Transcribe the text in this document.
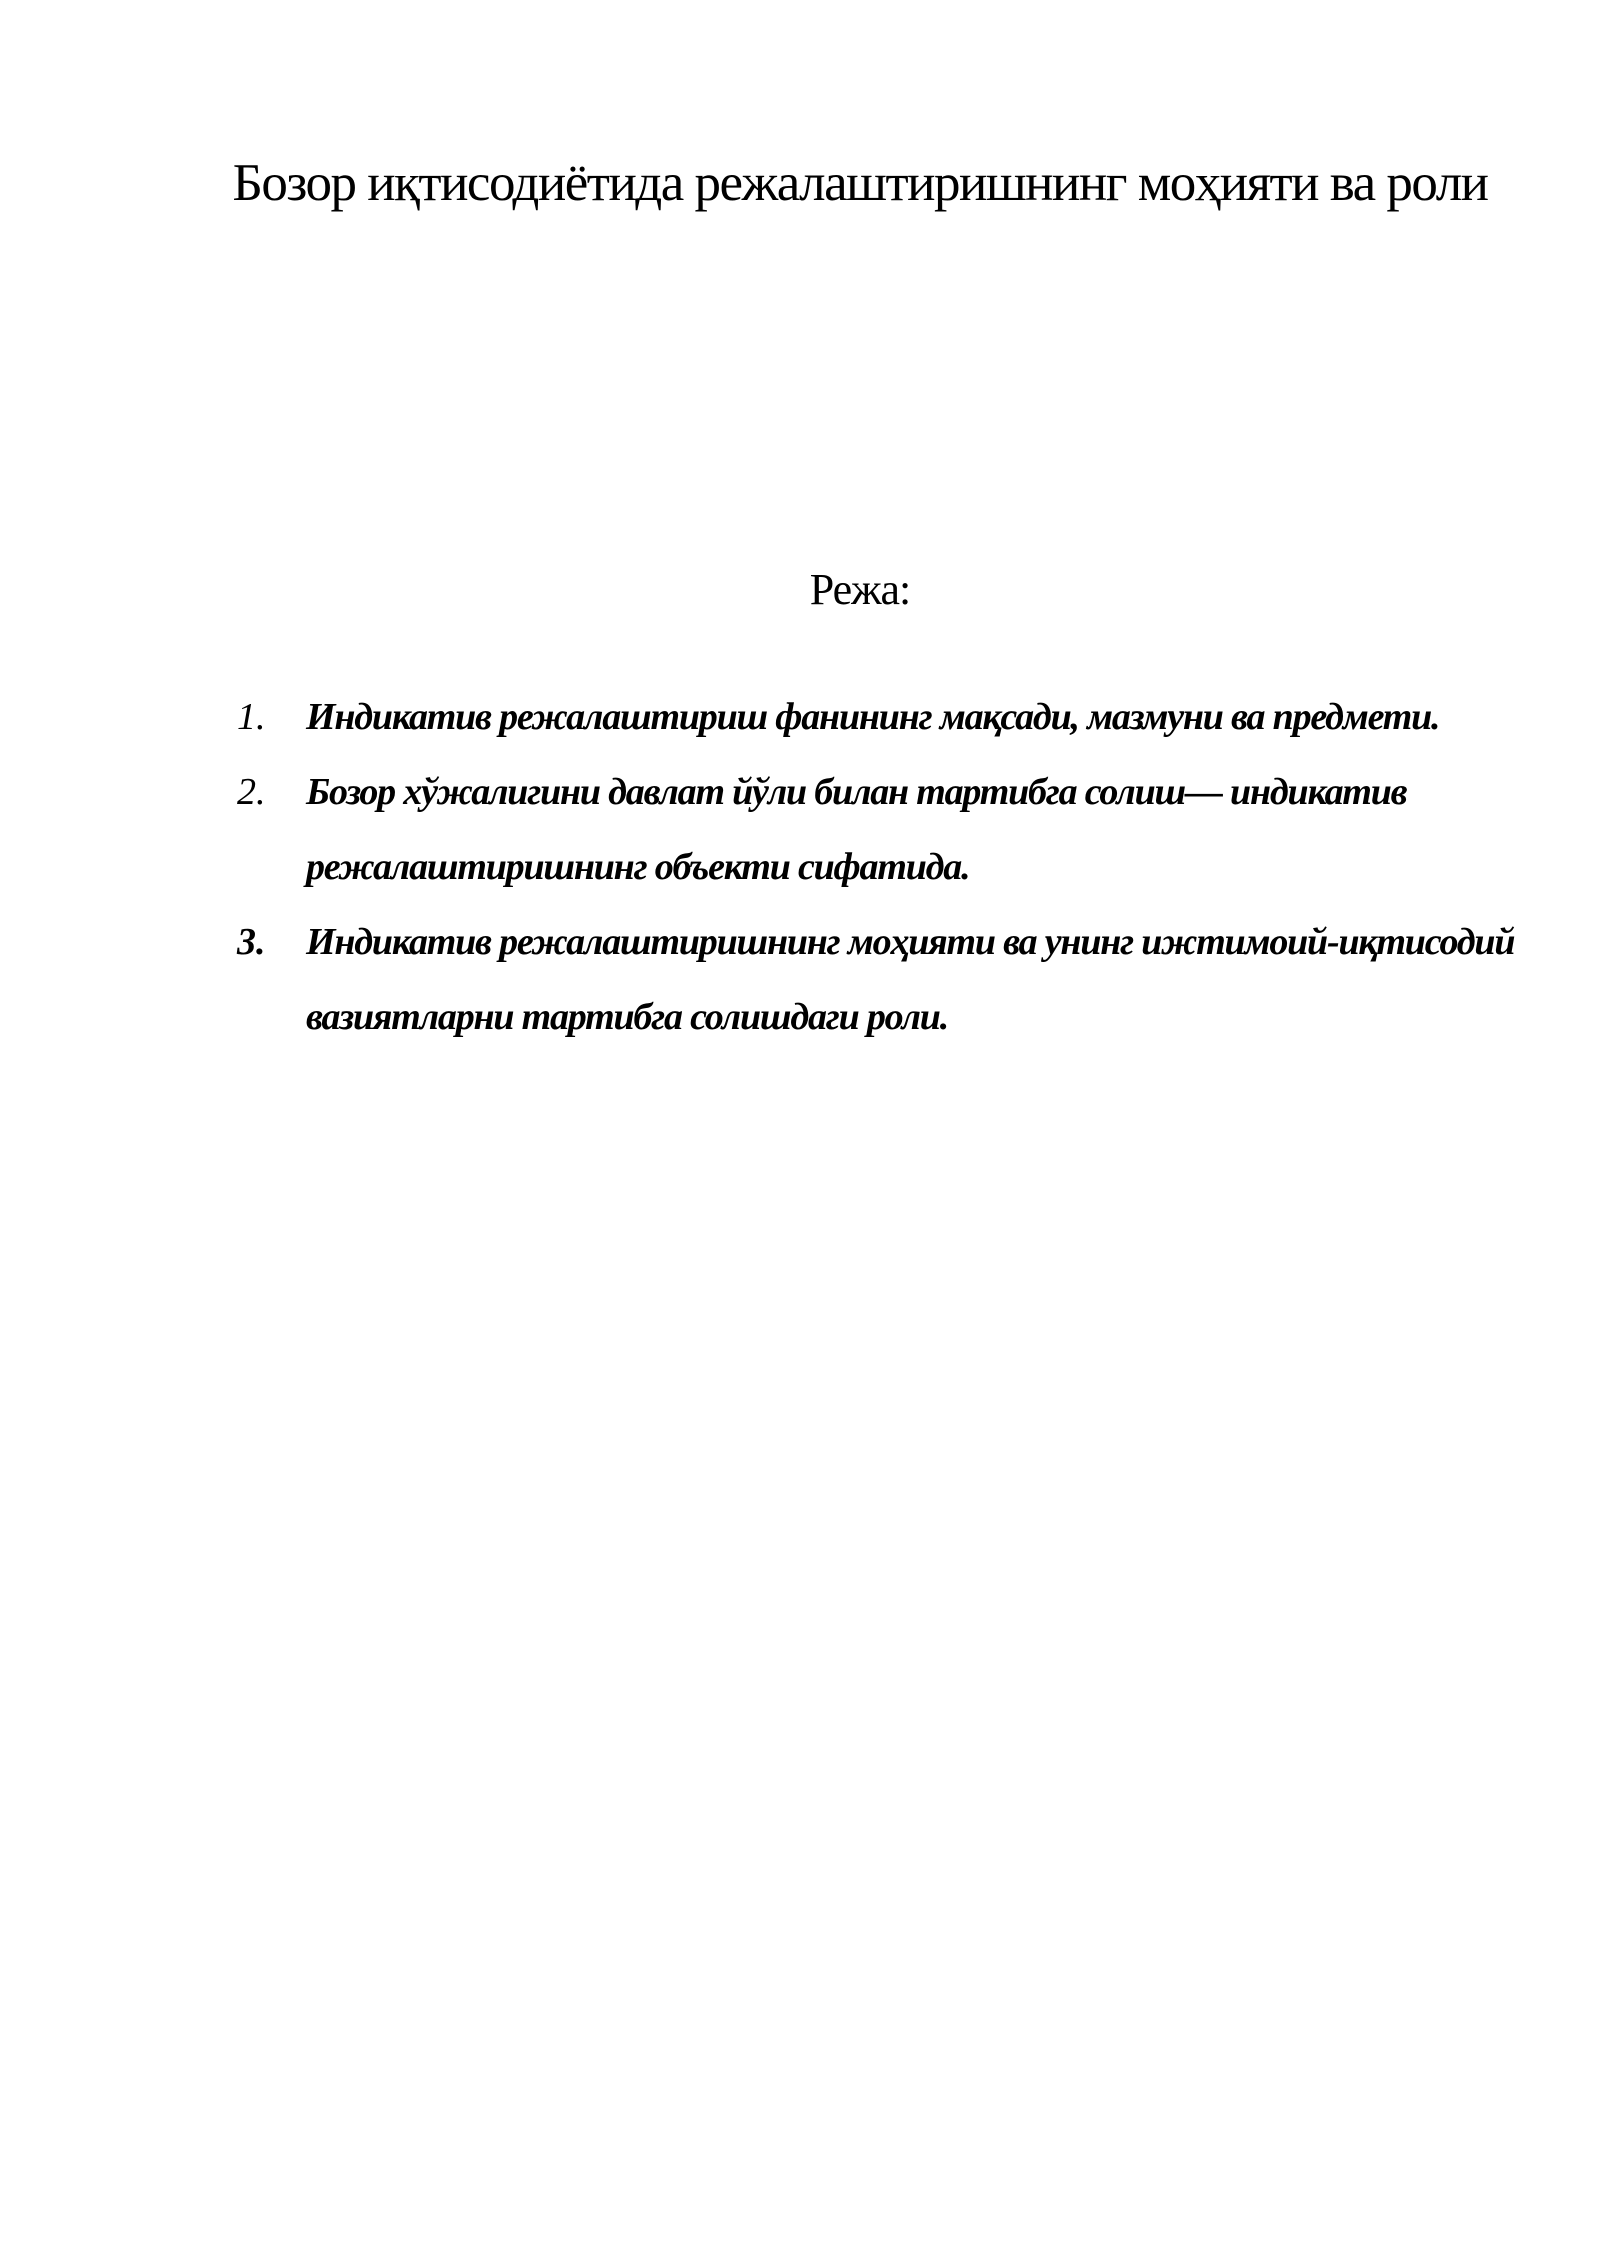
Бозор иқтисодиётида режалаштиришнинг моҳияти ва роли
Режа:
1. Индикатив режалаштириш фанининг мақсади, мазмуни ва предмети.
2. Бозор хўжалигини давлат йўли билан тартибга солиш— индикатив режалаштиришнинг объекти сифатида.
3. Индикатив режалаштиришнинг моҳияти ва унинг ижтимоий-иқтисодий вазиятларни тартибга солишдаги роли.
